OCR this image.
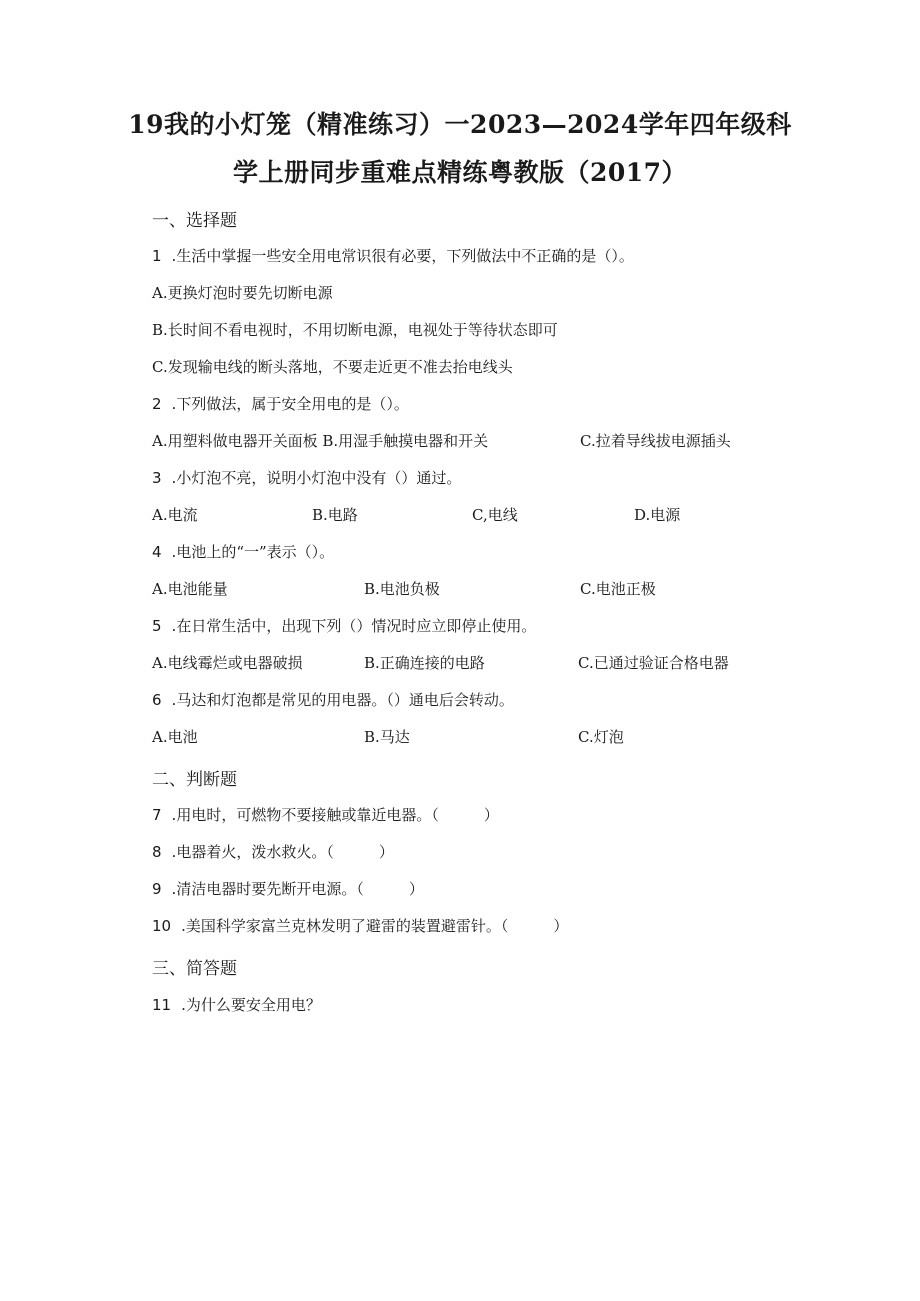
19我的小灯笼（精准练习）一2023—2024学年四年级科
学上册同步重难点精练粤教版（2017）
一、选择题
1 .生活中掌握一些安全用电常识很有必要，下列做法中不正确的是（）。
A.更换灯泡时要先切断电源
B.长时间不看电视时，不用切断电源，电视处于等待状态即可
C.发现输电线的断头落地，不要走近更不准去抬电线头
2 .下列做法，属于安全用电的是（）。
A.用塑料做电器开关面板 B.用湿手触摸电器和开关	C.拉着导线拔电源插头
3 .小灯泡不亮，说明小灯泡中没有（）通过。
A.电流	B.电路	C,电线	D.电源
4 .电池上的“一”表示（）。
A.电池能量	B.电池负极	C.电池正极
5 .在日常生活中，出现下列（）情况时应立即停止使用。
A.电线霉烂或电器破损	B.正确连接的电路	C.已通过验证合格电器
6 .马达和灯泡都是常见的用电器。（）通电后会转动。
A.电池	B.马达	C.灯泡
二、判断题
7 .用电时，可燃物不要接触或靠近电器。（　　　）
8 .电器着火，泼水救火。（　　　）
9 .清洁电器时要先断开电源。（　　　）
10 .美国科学家富兰克林发明了避雷的装置避雷针。（　　　）
三、简答题
11 .为什么要安全用电？
